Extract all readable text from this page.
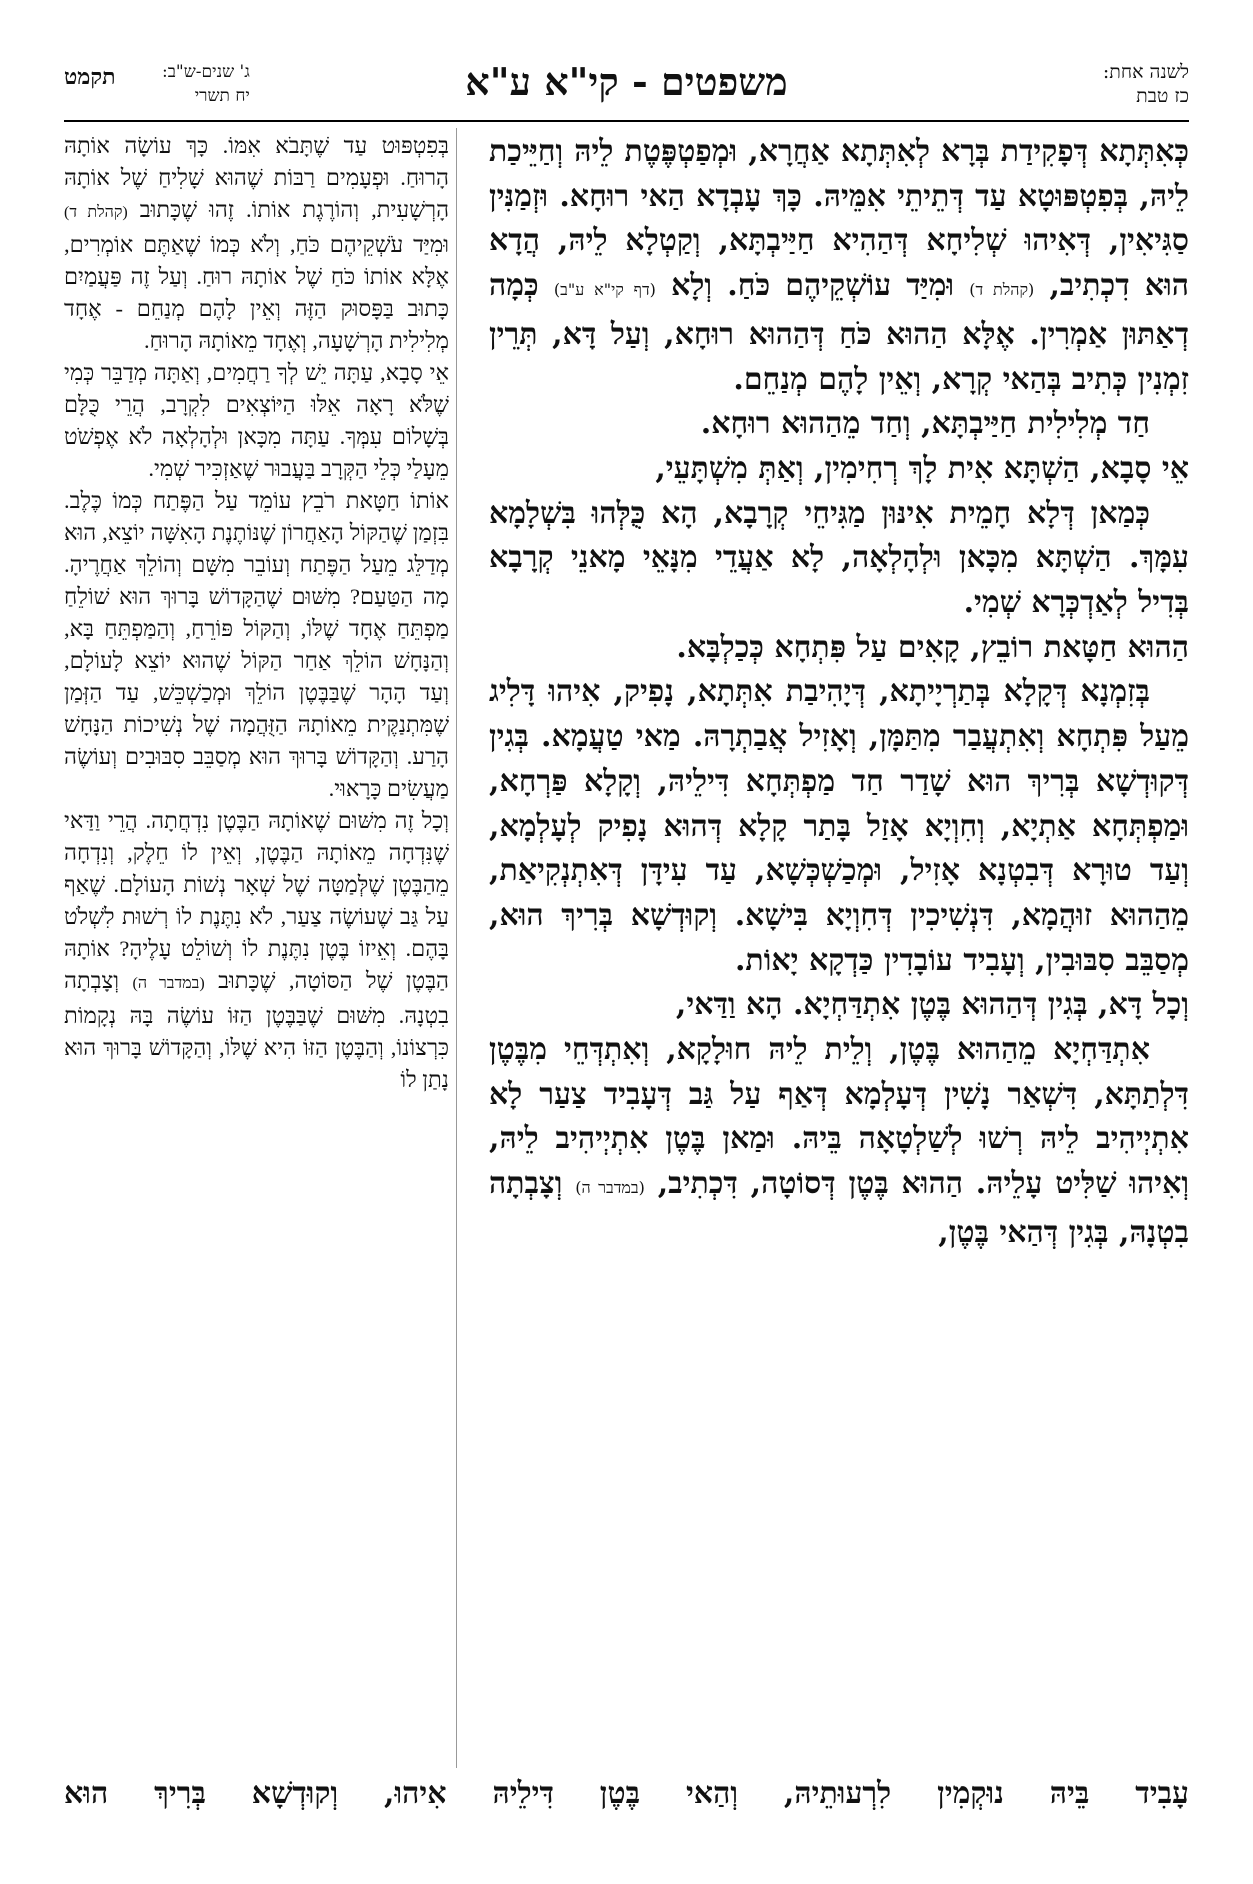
לשנה אחת:
כז טבת
משפטים - קי"א ע"א
ג' שנים-ש"ב:
יח תשרי
תקמט

כְּאִתְּתָא דְּפָקִידַת בְּרָא לְאִתְּתָא אַחֲרָא, וּמְפַטְפֶּטֶת לֵיהּ וְחַיֵּיכַת לֵיהּ, בְּפִטְפּוּטָא עַד דְּתֵיתֵי אִמֵּיהּ. כָּךְ עָבְדָא הַאי רוּחָא. וּזְמַנִּין סַגִּיאִין, דְּאִיהוּ שְׁלִיחָא דְּהַהִיא חַיַּיבְתָּא, וְקַטְלָא לֵיהּ, הֲדָא הוּא דִכְתִיב, (קהלת ד) וּמִיַּד עוֹשְׁקֵיהֶם כֹּחַ. וְלָא (דף קי"א ע"ב) כְּמָה דְאַתּוּן אַמְרִין. אֶלָּא הַהוּא כֹּחַ דְּהַהוּא רוּחָא, וְעַל דָּא, תְּרֵין זִמְנִין כְּתִיב בְּהַאי קְרָא, וְאֵין לָהֶם מְנַחֵם.

חַד מְלִילִית חַיַּיבְתָּא, וְחַד מֵהַהוּא רוּחָא.

אֵי סָבָא, הַשְׁתָּא אִית לָךְ רְחִימִין, וְאַתְּ מִשְׁתָּעֵי,

כְּמַאן דְּלָא חָמֵית אִינּוּן מַגִּיחֵי קְרָבָא, הָא כֻּלְּהוּ בִּשְׁלָמָא עִמָּךְ. הַשְׁתָּא מִכָּאן וּלְהָלְאָה, לָא אַעֲדֵי מִנָּאֵי מָאנֵי קְרָבָא בְּדִיל לְאַדְכְּרָא שְׁמִי.

הַהוּא חַטָּאת רוֹבֵץ, קָאִים עַל פִּתְחָא כְּכַלְבָּא.

בְּזִמְנָא דְּקָלָא בְּתַרְיָיתָא, דְּיָהִיבַת אִתְּתָא, נָפִיק, אִיהוּ דָּלִיג מֵעַל פִּתְחָא וְאִתְעֲבַר מִתַּמָּן, וְאָזִיל אֲבַתְרָהּ. מַאי טַעֲמָא. בְּגִין דְּקוּדְשָׁא בְּרִיךְ הוּא שָׁדַר חַד מַפְתְּחָא דִּילֵיהּ, וְקָלָא פַּרְחָא, וּמַפְתְּחָא אַתְיָא, וְחִוְיָא אָזַל בָּתַר קָלָא דְּהוּא נָפִיק לְעָלְמָא, וְעַד טוּרָא דְּבִטְנָא אָזִיל, וּמְכַשְׁכְּשָׁא, עַד עִידָּן דְּאִתְנְקִיאַת, מֵהַהוּא זוּהֲמָא, דִּנְשִׁיכִין דְּחִוְיָא בִּישָׁא. וְקוּדְשָׁא בְּרִיךְ הוּא, מְסַבֵּב סִבּוּבִין, וְעָבִיד עוֹבָדִין כַּדְקָא יָאוֹת.

וְכָל דָּא, בְּגִין דְּהַהוּא בֶּטֶן אִתְדַּחְיָא. הָא וַדַּאי,

אִתְדַּחְיָא מֵהַהוּא בֶּטֶן, וְלֵית לֵיהּ חוּלָקָא, וְאִתְדְּחֵי מִבֶּטֶן דִּלְתַתָּא, דִּשְׁאַר נָשִׁין דְּעָלְמָא דְּאַף עַל גַּב דְּעָבִיד צַעַר לָא אִתְיְיהִיב לֵיהּ רְשׁוּ לְשַׁלְטָאָה בֵּיהּ. וּמַאן בֶּטֶן אִתְיְיהִיב לֵיהּ, וְאִיהוּ שַׁלִּיט עָלֵיהּ. הַהוּא בֶּטֶן דְּסוֹטָה, דִּכְתִיב, (במדבר ה) וְצָבְתָה בִטְנָהּ, בְּגִין דְּהַאי בֶּטֶן,

בְּפִטְפּוּט עַד שֶׁתָּבֹא אִמּוֹ. כָּךְ עוֹשָׂה אוֹתָהּ הָרוּחַ. וּפְעָמִים רַבּוֹת שֶׁהוּא שָׁלִיחַ שֶׁל אוֹתָהּ הָרְשָׁעִית, וְהוֹרֶגֶת אוֹתוֹ. זֶהוּ שֶׁכָּתוּב (קהלת ד) וּמִיַּד עֹשְׁקֵיהֶם כֹּחַ, וְלֹא כְּמוֹ שֶׁאַתֶּם אוֹמְרִים, אֶלָּא אוֹתוֹ כֹּחַ שֶׁל אוֹתָהּ רוּחַ. וְעַל זֶה פַּעֲמַיִם כָּתוּב בַּפָּסוּק הַזֶּה וְאֵין לָהֶם מְנַחֵם - אֶחָד מְלִילִית הָרְשָׁעָה, וְאֶחָד מֵאוֹתָהּ הָרוּחַ.

אֵי סָבָא, עַתָּה יֵשׁ לְךָ רַחֲמִים, וְאַתָּה מְדַבֵּר כְּמִי שֶׁלֹּא רָאָה אֵלּוּ הַיּוֹצְאִים לִקְרָב, הֲרֵי כֻּלָּם בְּשָׁלוֹם עִמְּךָ. עַתָּה מִכָּאן וּלְהָלְאָה לֹא אֶפְשֹׁט מֵעָלַי כְּלֵי הַקְּרָב בַּעֲבוּר שֶׁאַזְכִּיר שְׁמִי.

אוֹתוֹ חַטָּאת רֹבֵץ עוֹמֵד עַל הַפֶּתַח כְּמוֹ כֶּלֶב. בִּזְמַן שֶׁהַקּוֹל הָאַחֲרוֹן שֶׁנּוֹתֶנֶת הָאִשָּׁה יוֹצֵא, הוּא מְדַלֵּג מֵעַל הַפֶּתַח וְעוֹבֵר מִשָּׁם וְהוֹלֵךְ אַחֲרֶיהָ. מָה הַטַּעַם? מִשּׁוּם שֶׁהַקָּדוֹשׁ בָּרוּךְ הוּא שׁוֹלֵחַ מַפְתֵּחַ אֶחָד שֶׁלּוֹ, וְהַקּוֹל פּוֹרֵחַ, וְהַמַּפְתֵּחַ בָּא, וְהַנָּחָשׁ הוֹלֵךְ אַחַר הַקּוֹל שֶׁהוּא יוֹצֵא לָעוֹלָם, וְעַד הָהָר שֶׁבַּבֶּטֶן הוֹלֵךְ וּמְכַשְׁכֵּשׁ, עַד הַזְּמַן שֶׁמִּתְנַקֶּית מֵאוֹתָהּ הַזֻּהֲמָה שֶׁל נְשִׁיכוֹת הַנָּחָשׁ הָרַע. וְהַקָּדוֹשׁ בָּרוּךְ הוּא מְסַבֵּב סִבּוּבִים וְעוֹשֶׂה מַעֲשִׂים כָּרָאוּי.

וְכָל זֶה מִשּׁוּם שֶׁאוֹתָהּ הַבֶּטֶן נִדְחֲתָה. הֲרֵי וַדַּאי שֶׁנִּדְחָה מֵאוֹתָהּ הַבֶּטֶן, וְאֵין לוֹ חֵלֶק, וְנִדְחָה מֵהַבֶּטֶן שֶׁלְּמַטָּה שֶׁל שְׁאָר נְשׁוֹת הָעוֹלָם. שֶׁאַף עַל גַּב שֶׁעוֹשֶׂה צַעַר, לֹא נִתֶּנֶת לוֹ רְשׁוּת לִשְׁלֹט בָּהֶם. וְאֵיזוֹ בֶּטֶן נִתֶּנֶת לוֹ וְשׁוֹלֵט עָלֶיהָ? אוֹתָהּ הַבֶּטֶן שֶׁל הַסּוֹטָה, שֶׁכָּתוּב (במדבר ה) וְצָבְתָה בִטְנָהּ. מִשּׁוּם שֶׁבַּבֶּטֶן הַזּוֹ עוֹשֶׂה בָּהּ נְקָמוֹת כִּרְצוֹנוֹ, וְהַבֶּטֶן הַזּוֹ הִיא שֶׁלּוֹ, וְהַקָּדוֹשׁ בָּרוּךְ הוּא נָתַן לוֹ

עָבִיד בֵּיהּ נוּקְמִין לִרְעוּתֵיהּ, וְהַאי בֶּטֶן דִּילֵיהּ אִיהוּ, וְקוּדְשָׁא בְּרִיךְ הוּא
